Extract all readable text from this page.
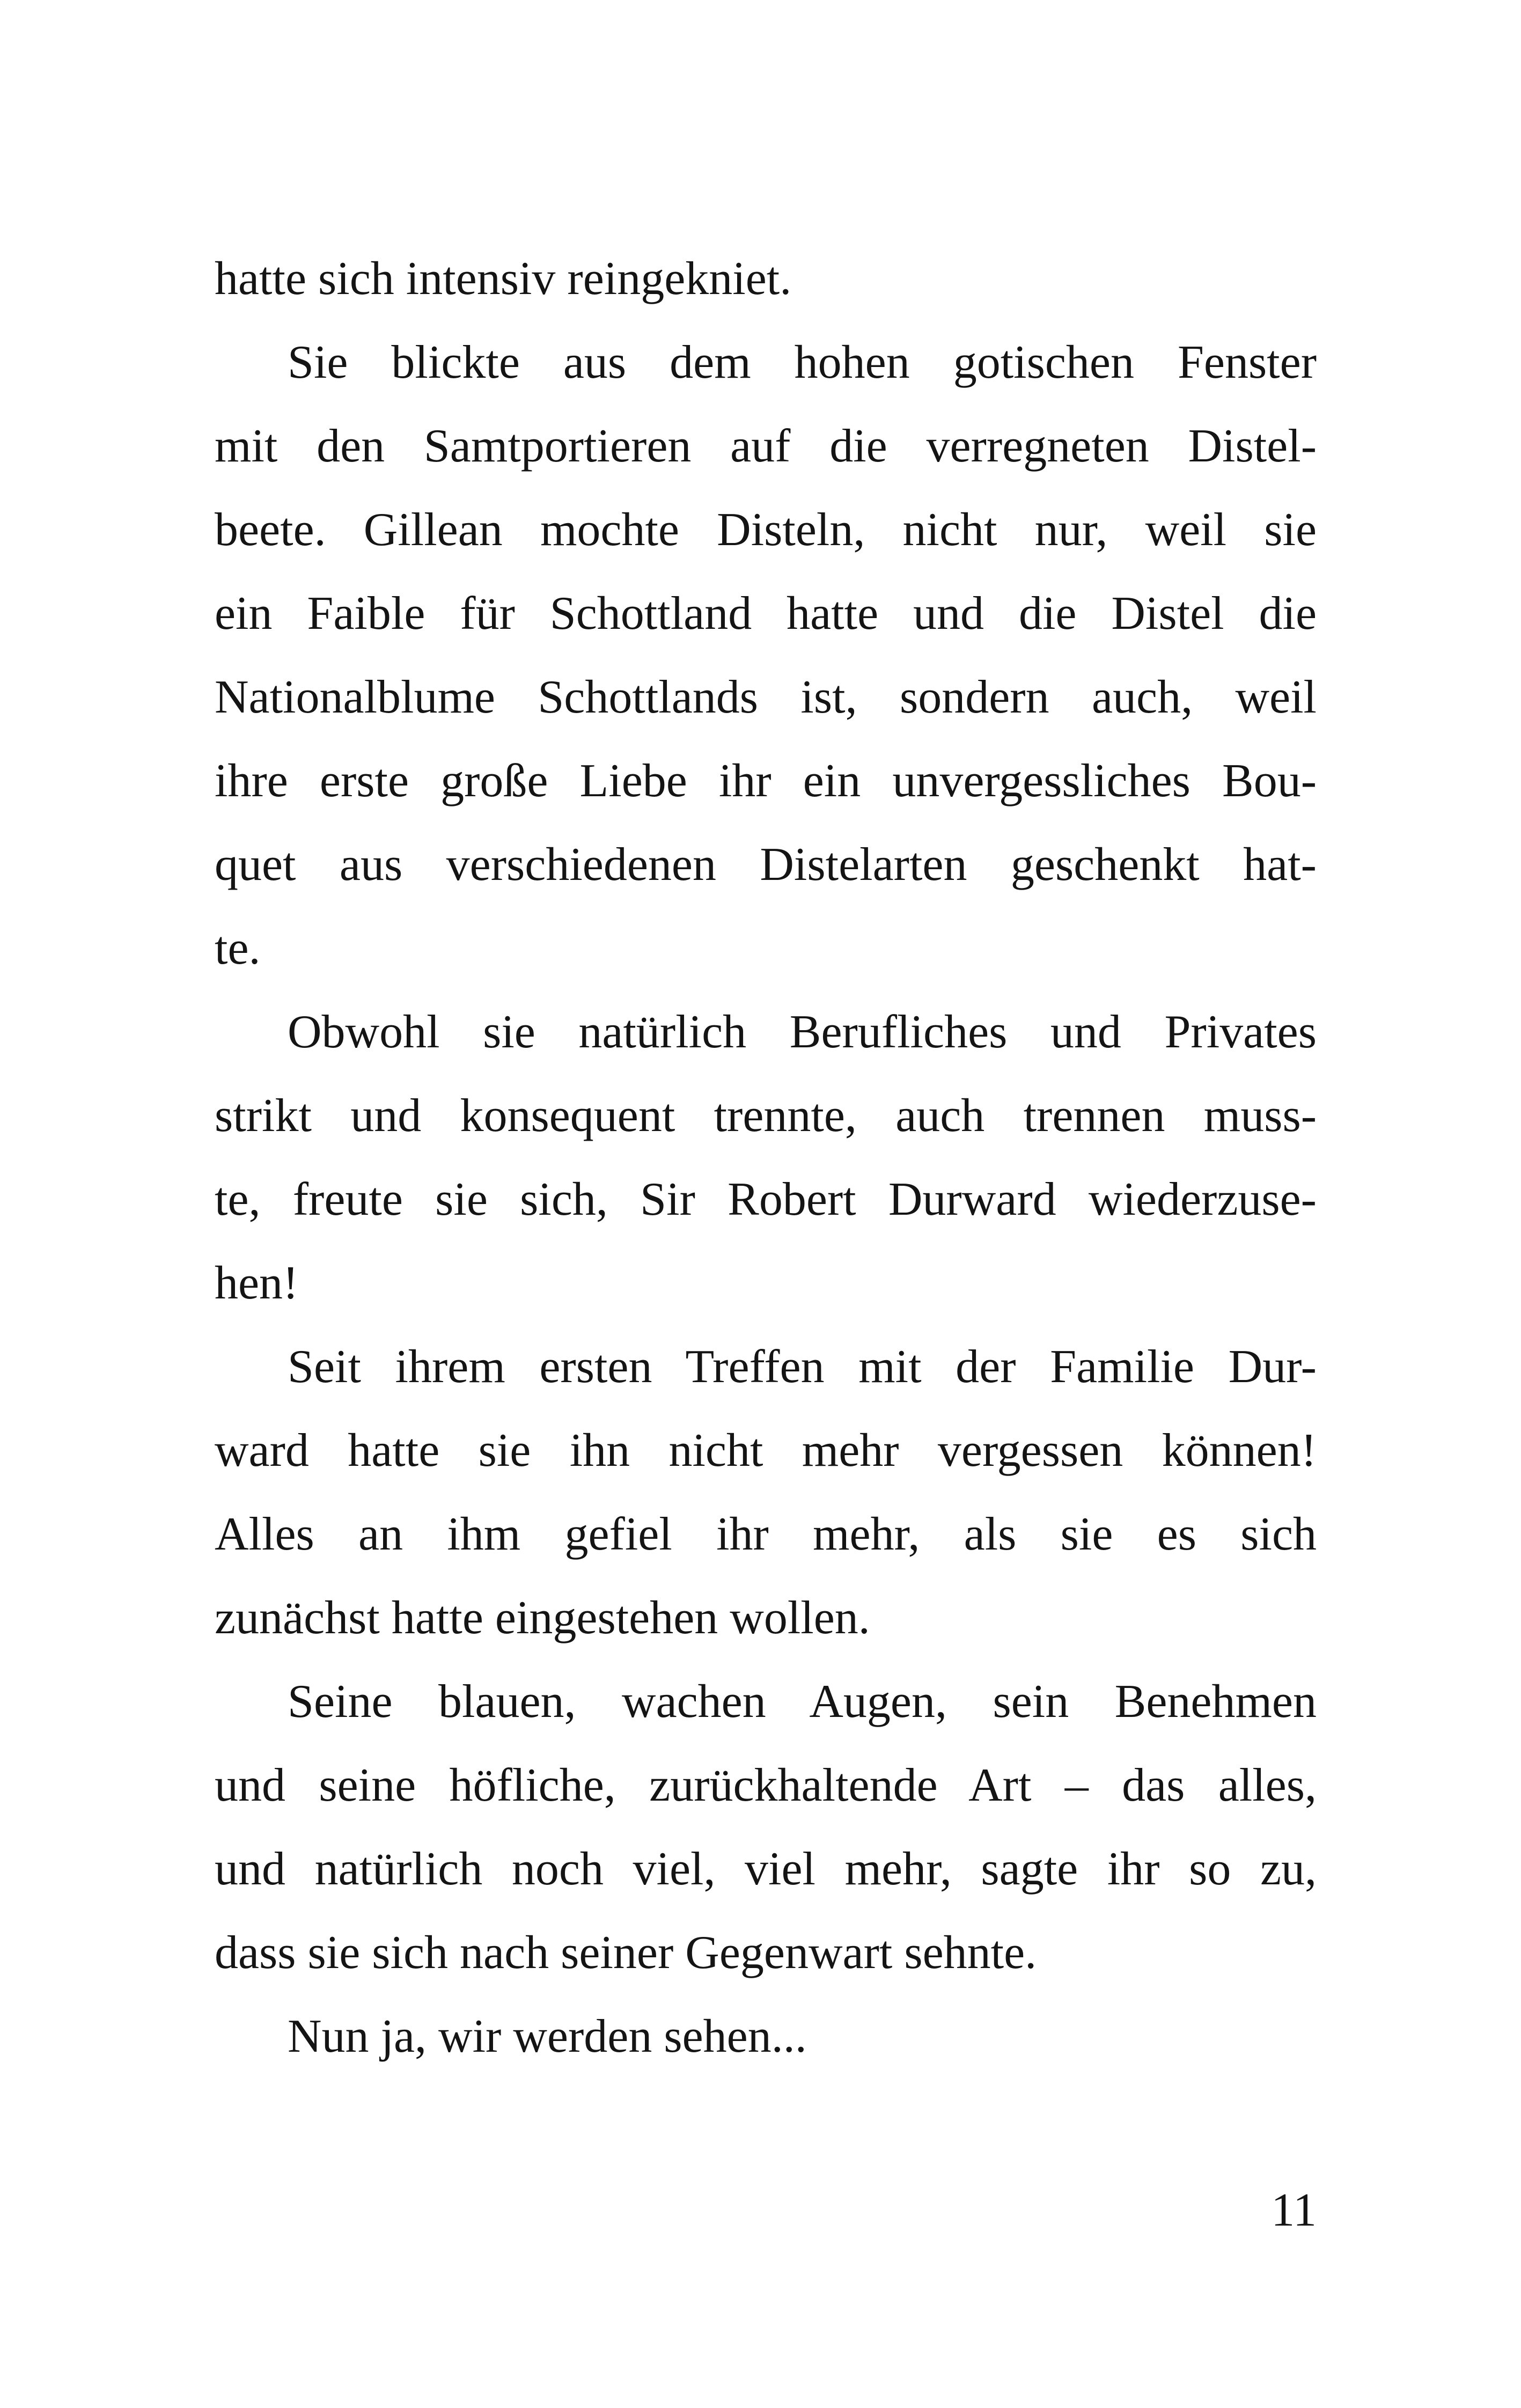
hatte sich intensiv reingekniet.
Sie blickte aus dem hohen gotischen Fenster
mit den Samtportieren auf die verregneten Distel-
beete. Gillean mochte Disteln, nicht nur, weil sie
ein Faible für Schottland hatte und die Distel die
Nationalblume Schottlands ist, sondern auch, weil
ihre erste große Liebe ihr ein unvergessliches Bou-
quet aus verschiedenen Distelarten geschenkt hat-
te.
Obwohl sie natürlich Berufliches und Privates
strikt und konsequent trennte, auch trennen muss-
te, freute sie sich, Sir Robert Durward wiederzuse-
hen!
Seit ihrem ersten Treffen mit der Familie Dur-
ward hatte sie ihn nicht mehr vergessen können!
Alles an ihm gefiel ihr mehr, als sie es sich
zunächst hatte eingestehen wollen.
Seine blauen, wachen Augen, sein Benehmen
und seine höfliche, zurückhaltende Art – das alles,
und natürlich noch viel, viel mehr, sagte ihr so zu,
dass sie sich nach seiner Gegenwart sehnte.
Nun ja, wir werden sehen...
11
